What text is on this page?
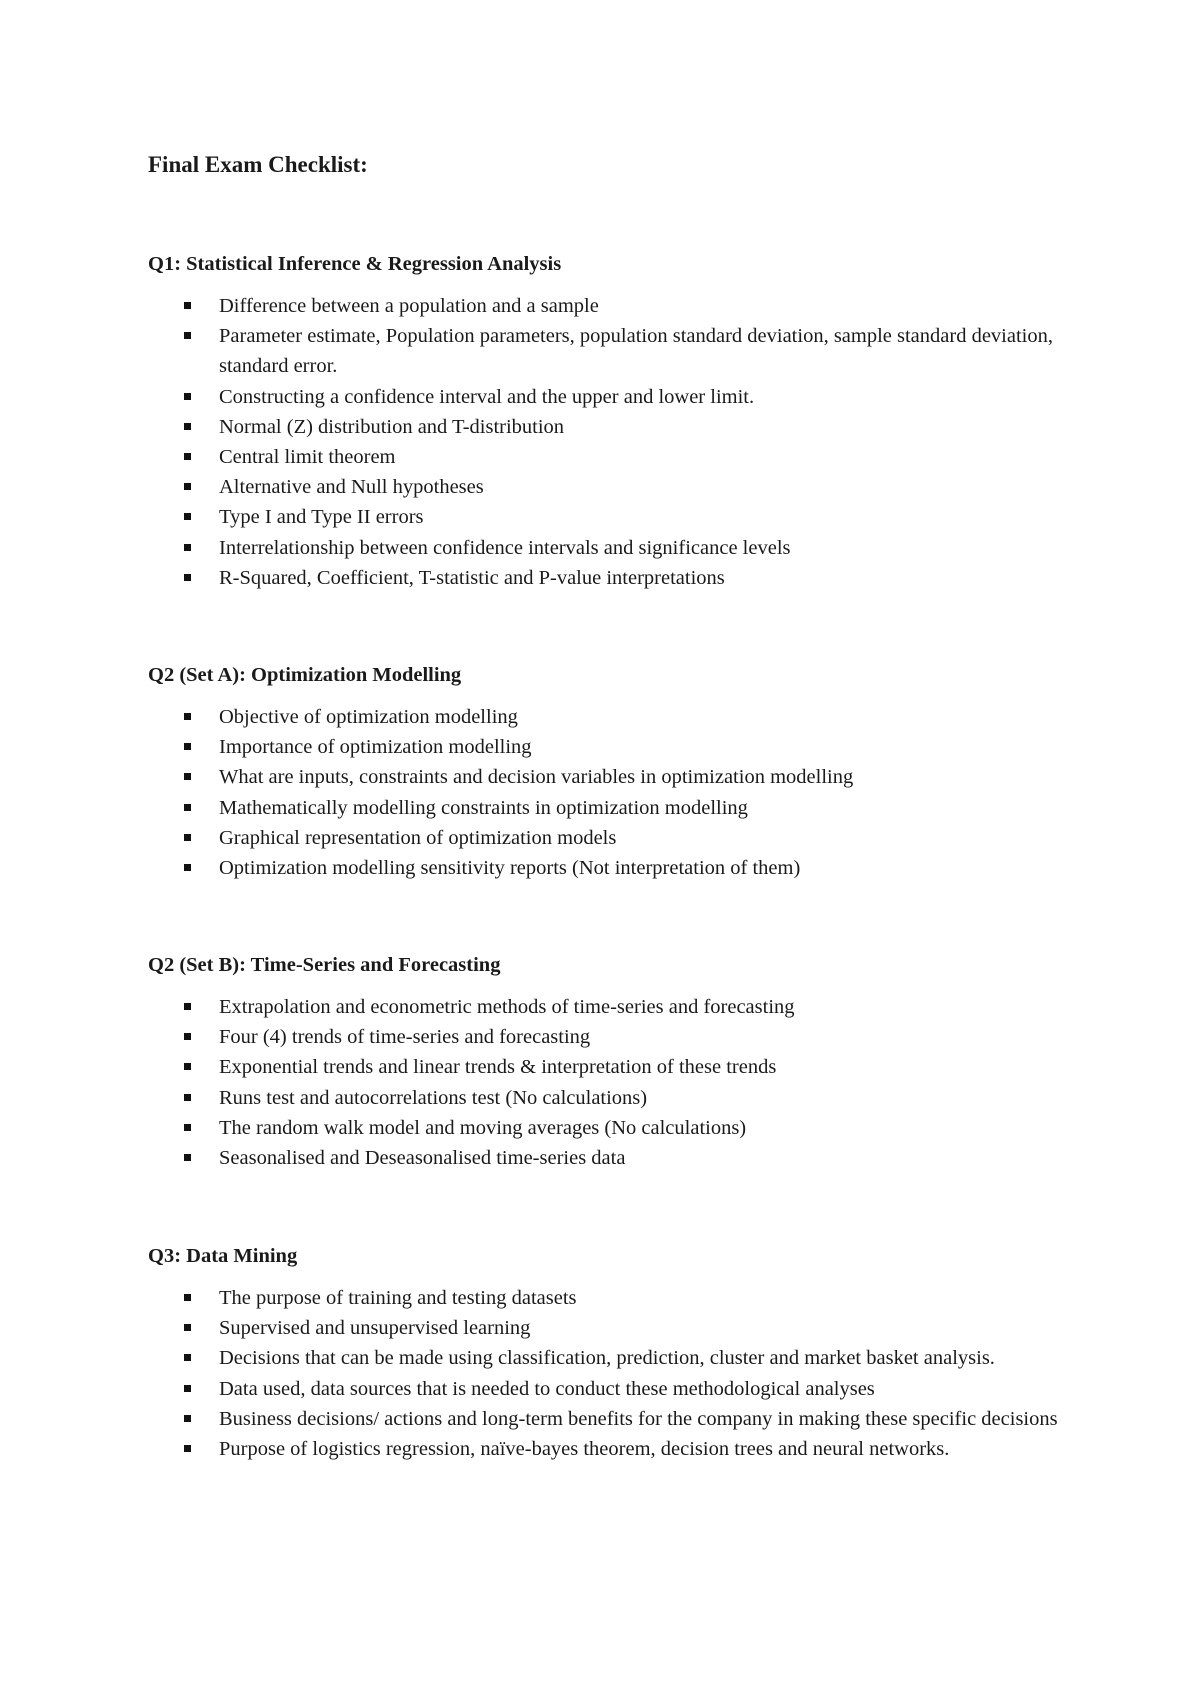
Final Exam Checklist:
Q1: Statistical Inference & Regression Analysis
Difference between a population and a sample
Parameter estimate, Population parameters, population standard deviation, sample standard deviation, standard error.
Constructing a confidence interval and the upper and lower limit.
Normal (Z) distribution and T-distribution
Central limit theorem
Alternative and Null hypotheses
Type I and Type II errors
Interrelationship between confidence intervals and significance levels
R-Squared, Coefficient, T-statistic and P-value interpretations
Q2 (Set A): Optimization Modelling
Objective of optimization modelling
Importance of optimization modelling
What are inputs, constraints and decision variables in optimization modelling
Mathematically modelling constraints in optimization modelling
Graphical representation of optimization models
Optimization modelling sensitivity reports (Not interpretation of them)
Q2 (Set B): Time-Series and Forecasting
Extrapolation and econometric methods of time-series and forecasting
Four (4) trends of time-series and forecasting
Exponential trends and linear trends & interpretation of these trends
Runs test and autocorrelations test (No calculations)
The random walk model and moving averages (No calculations)
Seasonalised and Deseasonalised time-series data
Q3: Data Mining
The purpose of training and testing datasets
Supervised and unsupervised learning
Decisions that can be made using classification, prediction, cluster and market basket analysis.
Data used, data sources that is needed to conduct these methodological analyses
Business decisions/ actions and long-term benefits for the company in making these specific decisions
Purpose of logistics regression, naïve-bayes theorem, decision trees and neural networks.
